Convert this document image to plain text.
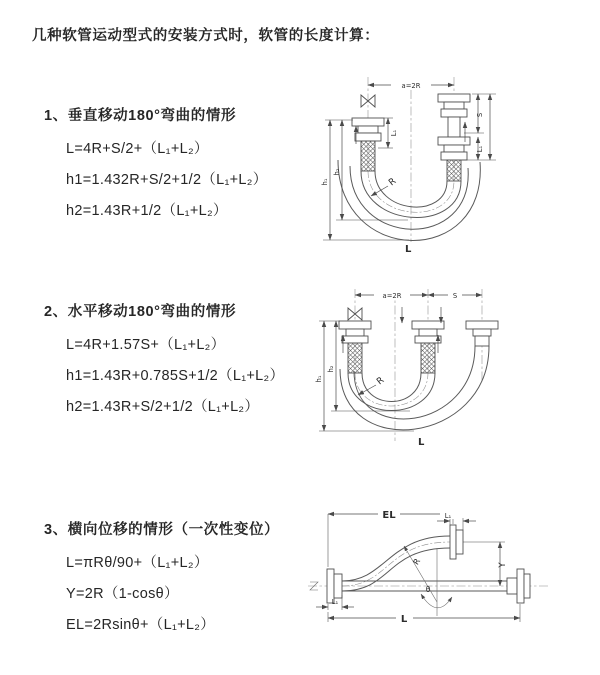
几种软管运动型式的安装方式时，软管的长度计算：
1、垂直移动180°弯曲的情形
L=4R+S/2+（L₁+L₂）
h1=1.432R+S/2+1/2（L₁+L₂）
h2=1.43R+1/2（L₁+L₂）
2、水平移动180°弯曲的情形
L=4R+1.57S+（L₁+L₂）
h1=1.43R+0.785S+1/2（L₁+L₂）
h2=1.43R+S/2+1/2（L₁+L₂）
3、横向位移的情形（一次性变位）
L=πRθ/90+（L₁+L₂）
Y=2R（1-cosθ）
EL=2Rsinθ+（L₁+L₂）
a=2R
h₁
h₂
L₁
S
L₁
R
L
a=2R	S
h₁
h₂
R
L
EL	L₁
Y
R
θ
L₁
L
